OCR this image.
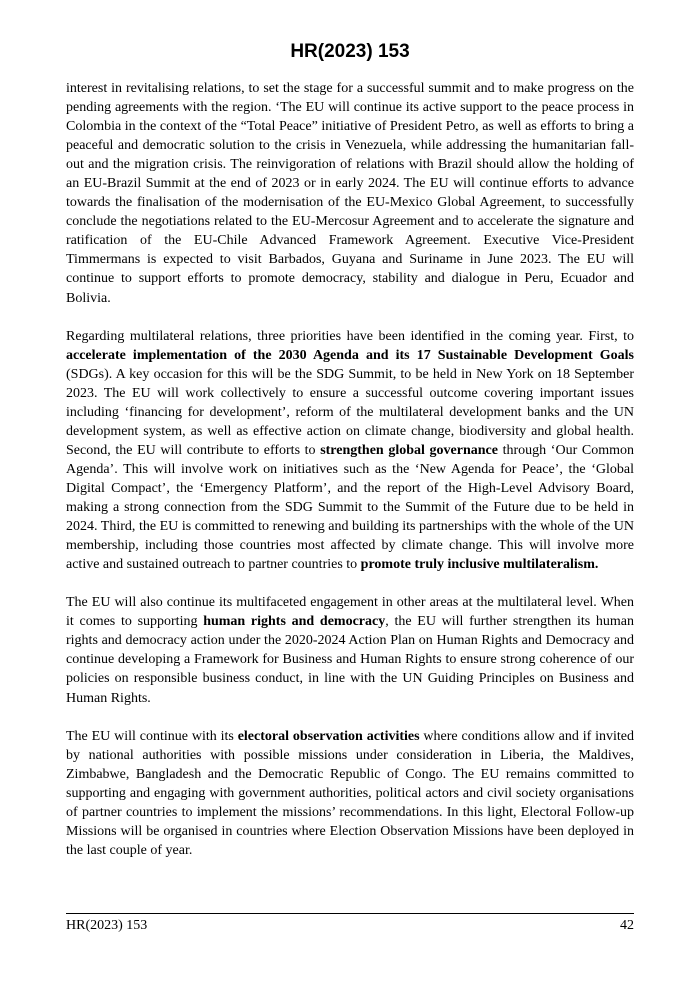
HR(2023) 153

interest in revitalising relations, to set the stage for a successful summit and to make progress on the pending agreements with the region. ‘The EU will continue its active support to the peace process in Colombia in the context of the “Total Peace” initiative of President Petro, as well as efforts to bring a peaceful and democratic solution to the crisis in Venezuela, while addressing the humanitarian fall-out and the migration crisis. The reinvigoration of relations with Brazil should allow the holding of an EU-Brazil Summit at the end of 2023 or in early 2024. The EU will continue efforts to advance towards the finalisation of the modernisation of the EU-Mexico Global Agreement, to successfully conclude the negotiations related to the EU-Mercosur Agreement and to accelerate the signature and ratification of the EU-Chile Advanced Framework Agreement. Executive Vice-President Timmermans is expected to visit Barbados, Guyana and Suriname in June 2023. The EU will continue to support efforts to promote democracy, stability and dialogue in Peru, Ecuador and Bolivia.

Regarding multilateral relations, three priorities have been identified in the coming year. First, to accelerate implementation of the 2030 Agenda and its 17 Sustainable Development Goals (SDGs). A key occasion for this will be the SDG Summit, to be held in New York on 18 September 2023. The EU will work collectively to ensure a successful outcome covering important issues including ‘financing for development’, reform of the multilateral development banks and the UN development system, as well as effective action on climate change, biodiversity and global health. Second, the EU will contribute to efforts to strengthen global governance through ‘Our Common Agenda’. This will involve work on initiatives such as the ‘New Agenda for Peace’, the ‘Global Digital Compact’, the ‘Emergency Platform’, and the report of the High-Level Advisory Board, making a strong connection from the SDG Summit to the Summit of the Future due to be held in 2024. Third, the EU is committed to renewing and building its partnerships with the whole of the UN membership, including those countries most affected by climate change. This will involve more active and sustained outreach to partner countries to promote truly inclusive multilateralism.

The EU will also continue its multifaceted engagement in other areas at the multilateral level. When it comes to supporting human rights and democracy, the EU will further strengthen its human rights and democracy action under the 2020-2024 Action Plan on Human Rights and Democracy and continue developing a Framework for Business and Human Rights to ensure strong coherence of our policies on responsible business conduct, in line with the UN Guiding Principles on Business and Human Rights.

The EU will continue with its electoral observation activities where conditions allow and if invited by national authorities with possible missions under consideration in Liberia, the Maldives, Zimbabwe, Bangladesh and the Democratic Republic of Congo. The EU remains committed to supporting and engaging with government authorities, political actors and civil society organisations of partner countries to implement the missions’ recommendations. In this light, Electoral Follow-up Missions will be organised in countries where Election Observation Missions have been deployed in the last couple of year.

HR(2023) 153	42
